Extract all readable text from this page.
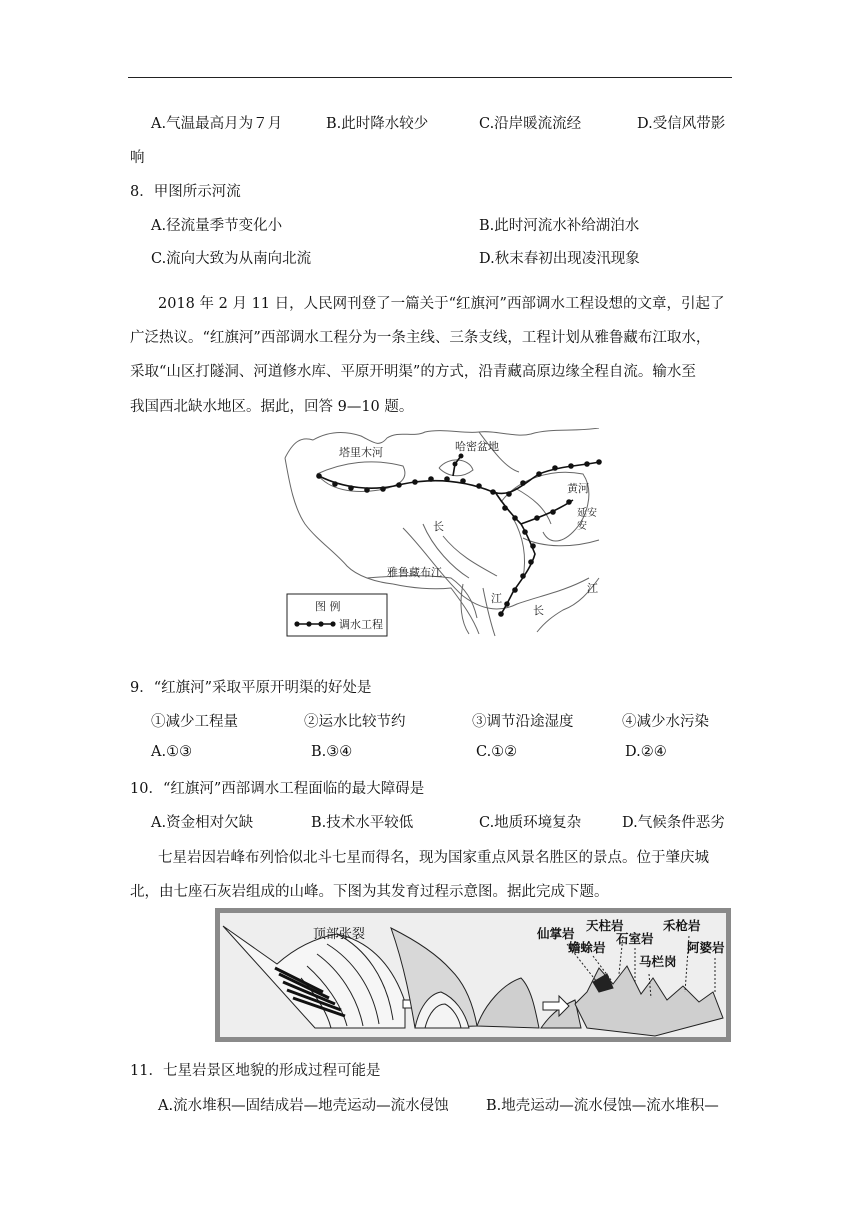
A.气温最高月为７月	B.此时降水较少	C.沿岸暖流流经	D.受信风带影
响
8．甲图所示河流
A.径流量季节变化小	B.此时河流水补给湖泊水
C.流向大致为从南向北流	D.秋末春初出现凌汛现象
2018 年 2 月 11 日，人民网刊登了一篇关于“红旗河”西部调水工程设想的文章，引起了
广泛热议。“红旗河”西部调水工程分为一条主线、三条支线，工程计划从雅鲁藏布江取水，
采取“山区打隧洞、河道修水库、平原开明渠”的方式，沿青藏高原边缘全程自流。输水至
我国西北缺水地区。据此，回答 9—10 题。
塔里木河	哈密盆地
黄河
延安
安
长
雅鲁藏布江
江
江
长
图 例
调水工程
9．“红旗河”采取平原开明渠的好处是
①减少工程量	②运水比较节约	③调节沿途湿度	④减少水污染
A.①③	B.③④	C.①②	D.②④
10．“红旗河”西部调水工程面临的最大障碍是
A.资金相对欠缺	B.技术水平较低	C.地质环境复杂	D.气候条件恶劣
七星岩因岩峰布列恰似北斗七星而得名，现为国家重点风景名胜区的景点。位于肇庆城
北，由七座石灰岩组成的山峰。下图为其发育过程示意图。据此完成下题。
顶部张裂	仙掌岩
天柱岩
蟾蜍岩
石室岩
禾枪岩
马栏岗
阿婆岩
11．七星岩景区地貌的形成过程可能是
A.流水堆积—固结成岩—地壳运动—流水侵蚀	B.地壳运动—流水侵蚀—流水堆积—
